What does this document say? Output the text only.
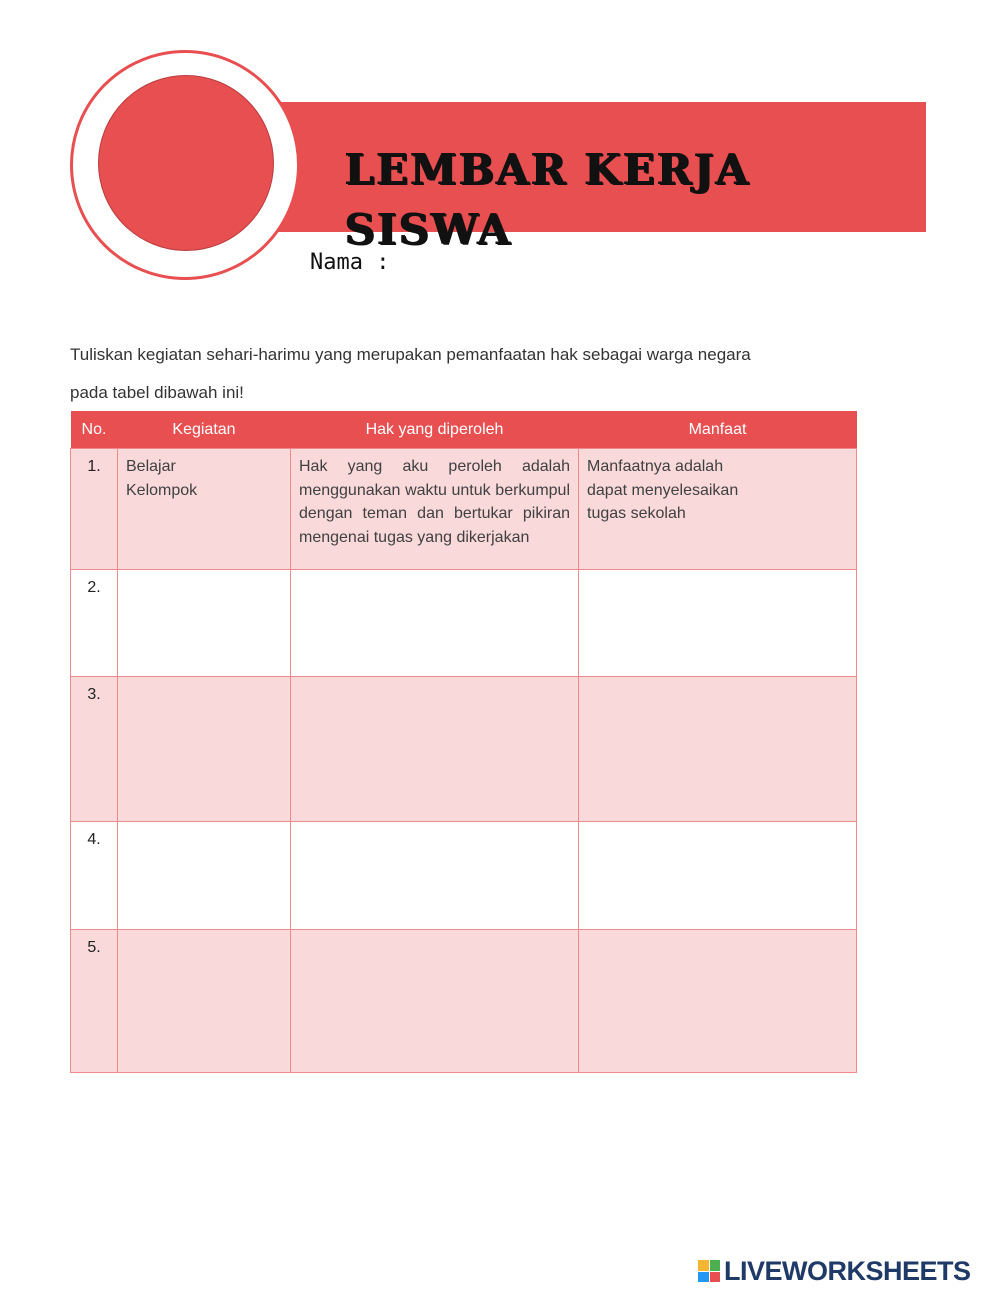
LEMBAR KERJA SISWA
Nama :
Tuliskan kegiatan sehari-harimu yang merupakan pemanfaatan hak sebagai warga negara
pada tabel dibawah ini!
No.	Kegiatan	Hak yang diperoleh	Manfaat
1.	Belajar Kelompok	Hak yang aku peroleh adalah menggunakan waktu untuk berkumpul dengan teman dan bertukar pikiran mengenai tugas yang dikerjakan	Manfaatnya adalah dapat menyelesaikan tugas sekolah

2.			
3.			
4.			
5.			
LIVEWORKSHEETS
